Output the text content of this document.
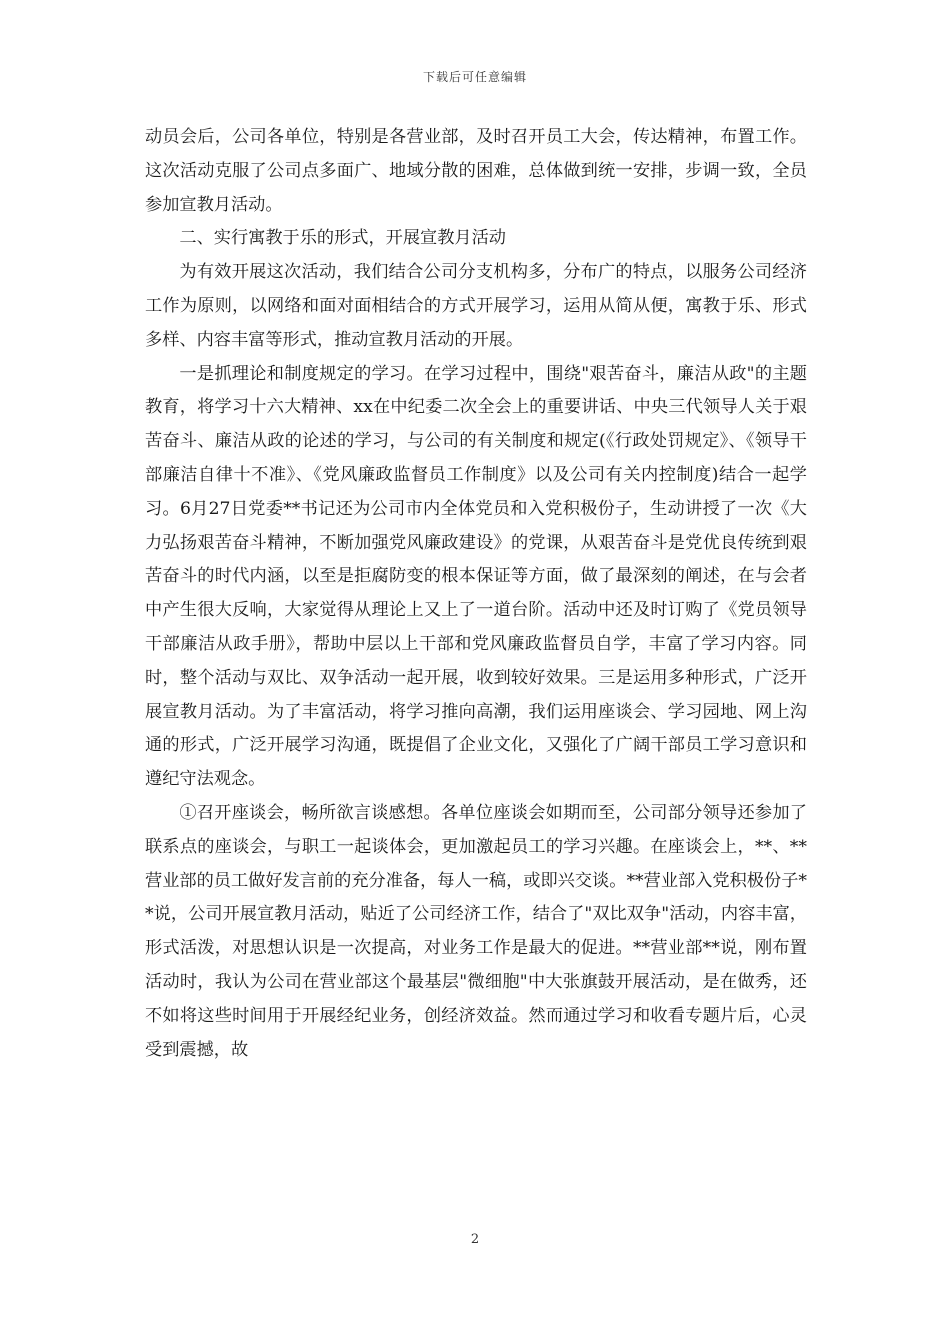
下载后可任意编辑

动员会后，公司各单位，特别是各营业部，及时召开员工大会，传达精神，布置工作。这次活动克服了公司点多面广、地域分散的困难，总体做到统一安排，步调一致，全员参加宣教月活动。

二、实行寓教于乐的形式，开展宣教月活动

为有效开展这次活动，我们结合公司分支机构多，分布广的特点，以服务公司经济工作为原则，以网络和面对面相结合的方式开展学习，运用从简从便，寓教于乐、形式多样、内容丰富等形式，推动宣教月活动的开展。

一是抓理论和制度规定的学习。在学习过程中，围绕"艰苦奋斗，廉洁从政"的主题教育，将学习十六大精神、xx在中纪委二次全会上的重要讲话、中央三代领导人关于艰苦奋斗、廉洁从政的论述的学习，与公司的有关制度和规定(《行政处罚规定》、《领导干部廉洁自律十不准》、《党风廉政监督员工作制度》以及公司有关内控制度)结合一起学习。6月27日党委**书记还为公司市内全体党员和入党积极份子，生动讲授了一次《大力弘扬艰苦奋斗精神，不断加强党风廉政建设》的党课，从艰苦奋斗是党优良传统到艰苦奋斗的时代内涵，以至是拒腐防变的根本保证等方面，做了最深刻的阐述，在与会者中产生很大反响，大家觉得从理论上又上了一道台阶。活动中还及时订购了《党员领导干部廉洁从政手册》，帮助中层以上干部和党风廉政监督员自学，丰富了学习内容。同时，整个活动与双比、双争活动一起开展，收到较好效果。三是运用多种形式，广泛开展宣教月活动。为了丰富活动，将学习推向高潮，我们运用座谈会、学习园地、网上沟通的形式，广泛开展学习沟通，既提倡了企业文化，又强化了广阔干部员工学习意识和遵纪守法观念。

①召开座谈会，畅所欲言谈感想。各单位座谈会如期而至，公司部分领导还参加了联系点的座谈会，与职工一起谈体会，更加激起员工的学习兴趣。在座谈会上，**、**营业部的员工做好发言前的充分准备，每人一稿，或即兴交谈。**营业部入党积极份子**说，公司开展宣教月活动，贴近了公司经济工作，结合了"双比双争"活动，内容丰富，形式活泼，对思想认识是一次提高，对业务工作是最大的促进。**营业部**说，刚布置活动时，我认为公司在营业部这个最基层"微细胞"中大张旗鼓开展活动，是在做秀，还不如将这些时间用于开展经纪业务，创经济效益。然而通过学习和收看专题片后，心灵受到震撼，故

2
